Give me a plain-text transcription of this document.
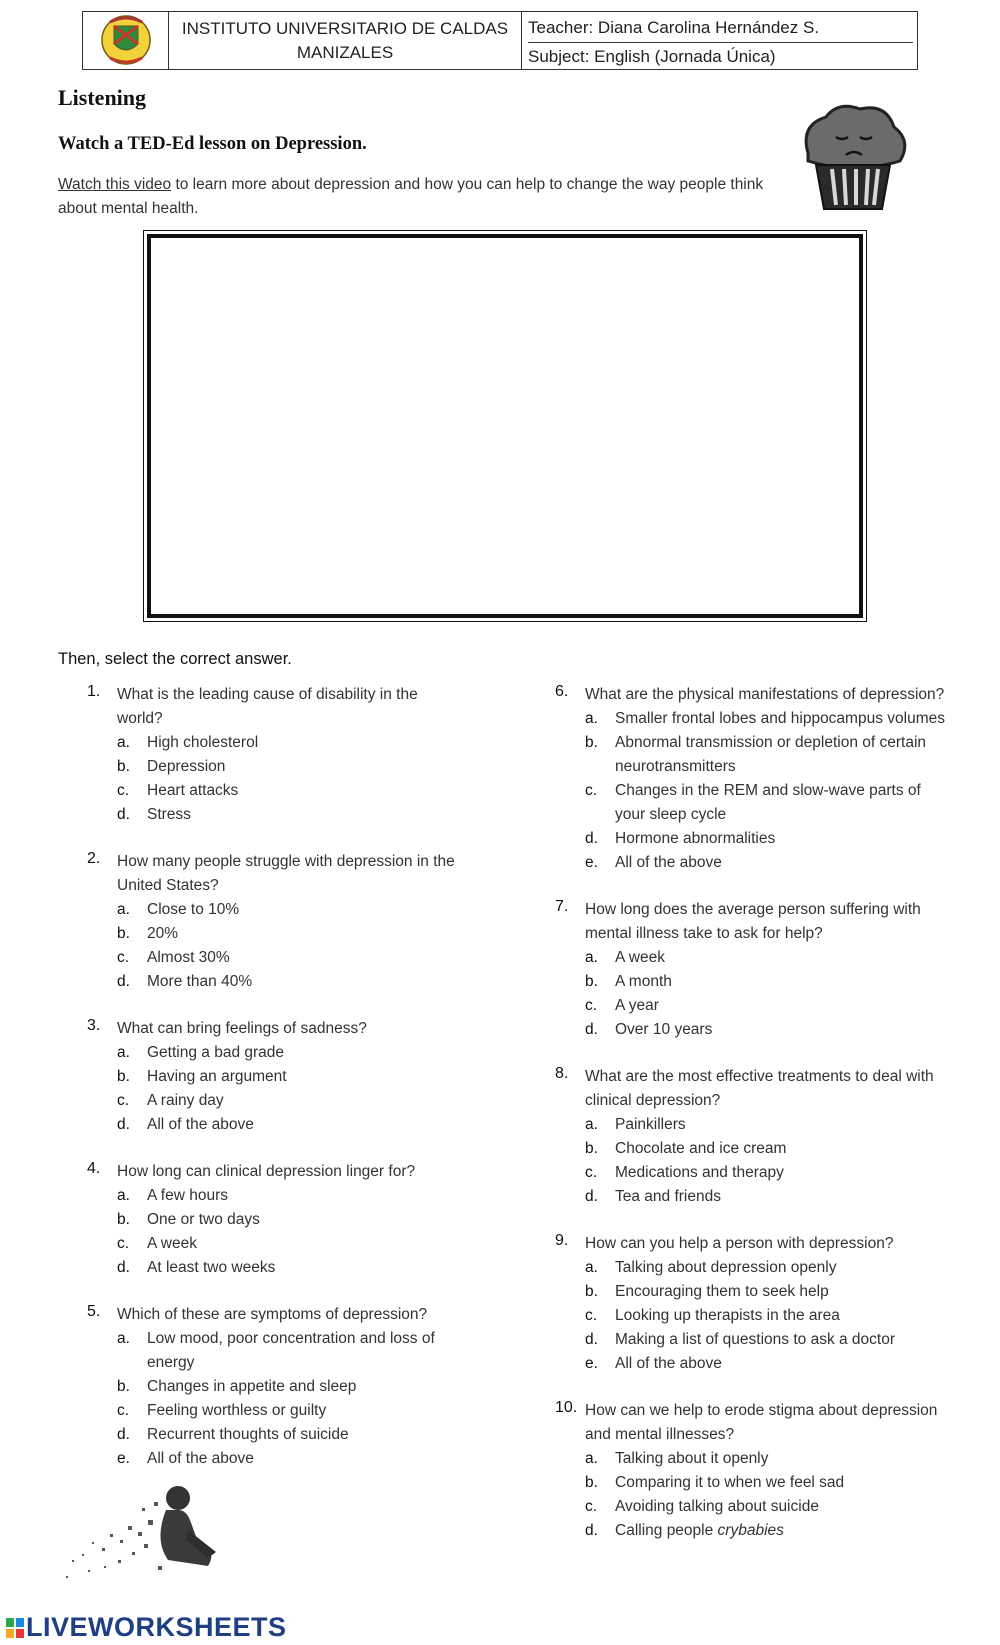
INSTITUTO UNIVERSITARIO DE CALDAS
MANIZALES
Teacher: Diana Carolina Hernández S.
Subject: English (Jornada Única)
Listening
Watch a TED-Ed lesson on Depression.
Watch this video to learn more about depression and how you can help to change the way people think about mental health.
Then, select the correct answer.
1.	What is the leading cause of disability in the world?
a.	High cholesterol
b.	Depression
c.	Heart attacks
d.	Stress
2.	How many people struggle with depression in the United States?
a.	Close to 10%
b.	20%
c.	Almost 30%
d.	More than 40%
3.	What can bring feelings of sadness?
a.	Getting a bad grade
b.	Having an argument
c.	A rainy day
d.	All of the above
4.	How long can clinical depression linger for?
a.	A few hours
b.	One or two days
c.	A week
d.	At least two weeks
5.	Which of these are symptoms of depression?
a.	Low mood, poor concentration and loss of energy
b.	Changes in appetite and sleep
c.	Feeling worthless or guilty
d.	Recurrent thoughts of suicide
e.	All of the above
6.	What are the physical manifestations of depression?
a.	Smaller frontal lobes and hippocampus volumes
b.	Abnormal transmission or depletion of certain neurotransmitters
c.	Changes in the REM and slow-wave parts of your sleep cycle
d.	Hormone abnormalities
e.	All of the above
7.	How long does the average person suffering with mental illness take to ask for help?
a.	A week
b.	A month
c.	A year
d.	Over 10 years
8.	What are the most effective treatments to deal with clinical depression?
a.	Painkillers
b.	Chocolate and ice cream
c.	Medications and therapy
d.	Tea and friends
9.	How can you help a person with depression?
a.	Talking about depression openly
b.	Encouraging them to seek help
c.	Looking up therapists in the area
d.	Making a list of questions to ask a doctor
e.	All of the above
10. How can we help to erode stigma about depression and mental illnesses?
a.	Talking about it openly
b.	Comparing it to when we feel sad
c.	Avoiding talking about suicide
d.	Calling people crybabies
LIVEWORKSHEETS
